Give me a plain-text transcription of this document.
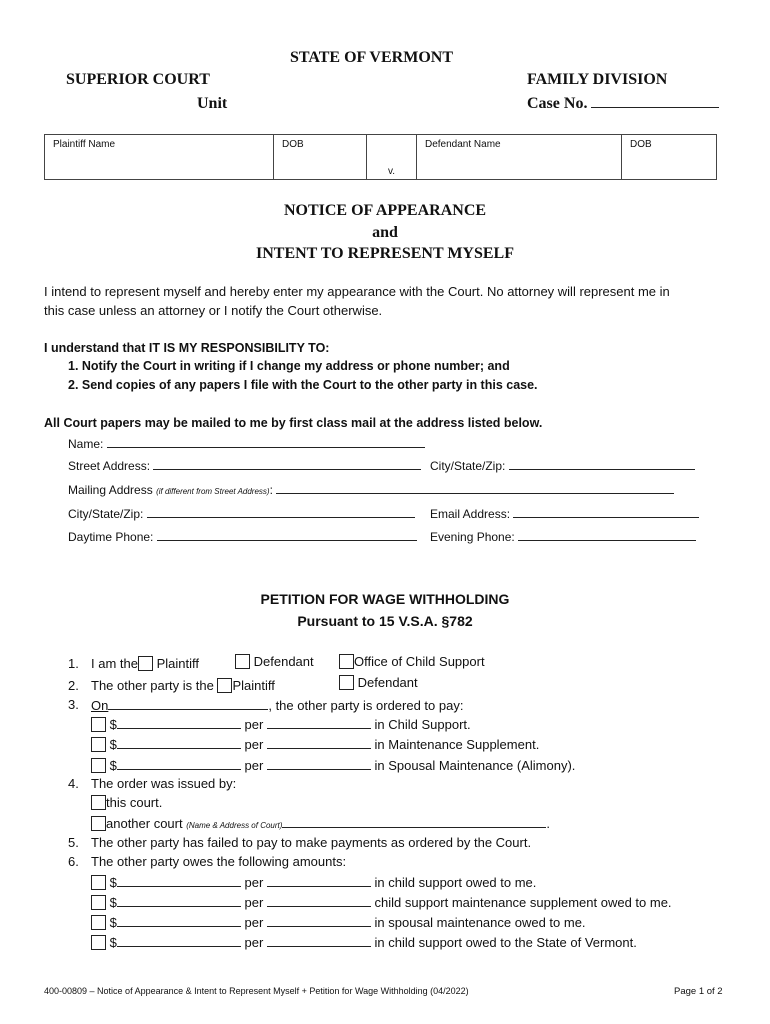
STATE OF VERMONT
SUPERIOR COURT
Unit
FAMILY DIVISION
Case No.
Plaintiff Name	DOB	v.	Defendant Name	DOB
NOTICE OF APPEARANCE
and
INTENT TO REPRESENT MYSELF
I intend to represent myself and hereby enter my appearance with the Court. No attorney will represent me in
this case unless an attorney or I notify the Court otherwise.
I understand that IT IS MY RESPONSIBILITY TO:
1. Notify the Court in writing if I change my address or phone number; and
2. Send copies of any papers I file with the Court to the other party in this case.
All Court papers may be mailed to me by first class mail at the address listed below.
Name:
Street Address:	City/State/Zip:
Mailing Address (if different from Street Address):
City/State/Zip:	Email Address:
Daytime Phone:	Evening Phone:
PETITION FOR WAGE WITHHOLDING
Pursuant to 15 V.S.A. §782
1. I am the Plaintiff	Defendant	Office of Child Support
2. The other party is the Plaintiff	Defendant
3. On	, the other party is ordered to pay:
$	per	in Child Support.
$	per	in Maintenance Supplement.
$	per	in Spousal Maintenance (Alimony).
4. The order was issued by:
this court.
another court (Name & Address of Court)	.
5. The other party has failed to pay to make payments as ordered by the Court.
6. The other party owes the following amounts:
$	per	in child support owed to me.
$	per	child support maintenance supplement owed to me.
$	per	in spousal maintenance owed to me.
$	per	in child support owed to the State of Vermont.
400-00809 – Notice of Appearance & Intent to Represent Myself + Petition for Wage Withholding (04/2022)	Page 1 of 2
